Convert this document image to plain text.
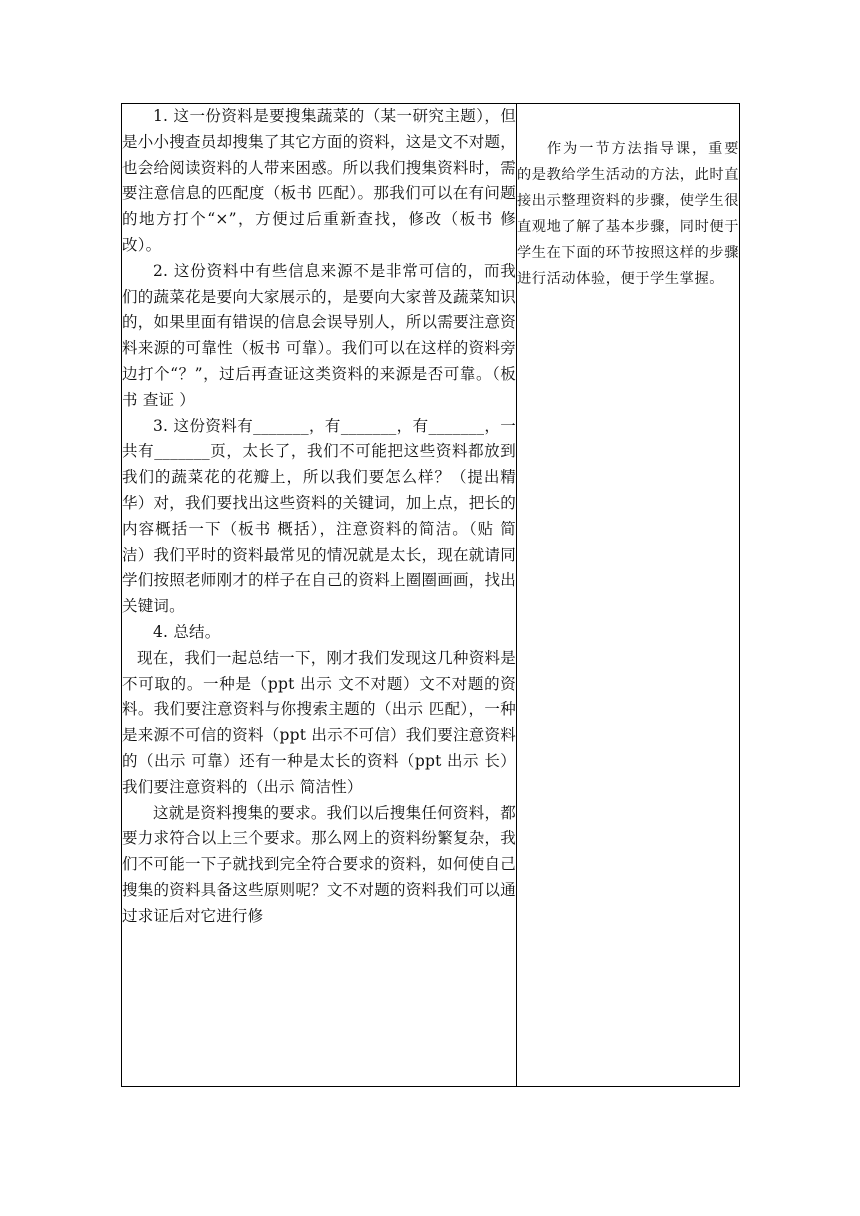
1. 这一份资料是要搜集蔬菜的（某一研究主题），但是小小搜查员却搜集了其它方面的资料，这是文不对题，也会给阅读资料的人带来困惑。所以我们搜集资料时，需要注意信息的匹配度（板书 匹配）。那我们可以在有问题的地方打个“×”，方便过后重新查找，修改（板书 修改）。

2. 这份资料中有些信息来源不是非常可信的，而我们的蔬菜花是要向大家展示的，是要向大家普及蔬菜知识的，如果里面有错误的信息会误导别人，所以需要注意资料来源的可靠性（板书 可靠）。我们可以在这样的资料旁边打个“？”，过后再查证这类资料的来源是否可靠。（板书 查证 ）

3. 这份资料有_______，有_______，有_______，一共有_______页，太长了，我们不可能把这些资料都放到我们的蔬菜花的花瓣上，所以我们要怎么样？（提出精华）对，我们要找出这些资料的关键词，加上点，把长的内容概括一下（板书 概括），注意资料的简洁。（贴 简洁）我们平时的资料最常见的情况就是太长，现在就请同学们按照老师刚才的样子在自己的资料上圈圈画画，找出关键词。

4. 总结。

现在，我们一起总结一下，刚才我们发现这几种资料是不可取的。一种是（ppt 出示 文不对题）文不对题的资料。我们要注意资料与你搜索主题的（出示 匹配），一种是来源不可信的资料（ppt 出示不可信）我们要注意资料的（出示 可靠）还有一种是太长的资料（ppt 出示 长）我们要注意资料的（出示 简洁性）

这就是资料搜集的要求。我们以后搜集任何资料，都要力求符合以上三个要求。那么网上的资料纷繁复杂，我们不可能一下子就找到完全符合要求的资料，如何使自己搜集的资料具备这些原则呢？文不对题的资料我们可以通过求证后对它进行修

作为一节方法指导课，重要的是教给学生活动的方法，此时直接出示整理资料的步骤，使学生很直观地了解了基本步骤，同时便于学生在下面的环节按照这样的步骤进行活动体验，便于学生掌握。
